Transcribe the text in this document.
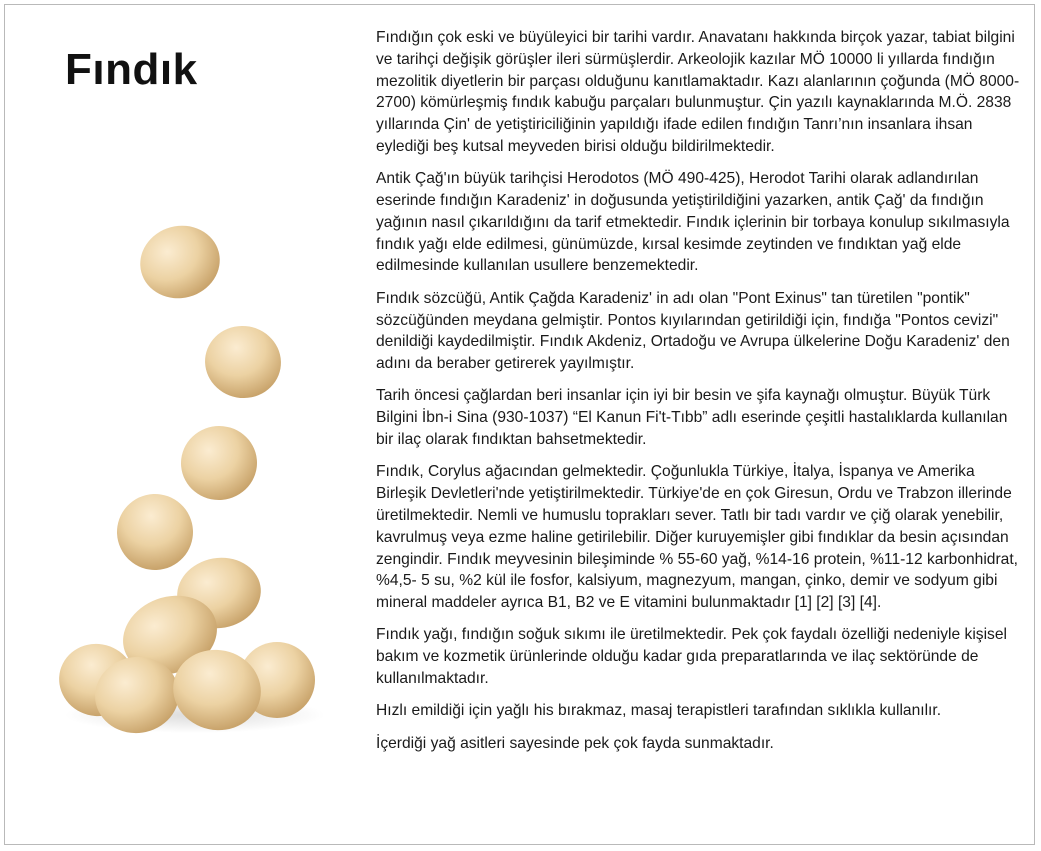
Fındık

Fındığın çok eski ve büyüleyici bir tarihi vardır. Anavatanı hakkında birçok yazar, tabiat bilgini ve tarihçi değişik görüşler ileri sürmüşlerdir. Arkeolojik kazılar MÖ 10000 li yıllarda fındığın mezolitik diyetlerin bir parçası olduğunu kanıtlamaktadır. Kazı alanlarının çoğunda (MÖ 8000-2700) kömürleşmiş fındık kabuğu parçaları bulunmuştur. Çin yazılı kaynaklarında M.Ö. 2838 yıllarında Çin' de yetiştiriciliğinin yapıldığı ifade edilen fındığın Tanrı’nın insanlara ihsan eylediği beş kutsal meyveden birisi olduğu bildirilmektedir.

Antik Çağ'ın büyük tarihçisi Herodotos (MÖ 490-425), Herodot Tarihi olarak adlandırılan eserinde fındığın Karadeniz' in doğusunda yetiştirildiğini yazarken, antik Çağ' da fındığın yağının nasıl çıkarıldığını da tarif etmektedir. Fındık içlerinin bir torbaya konulup sıkılmasıyla fındık yağı elde edilmesi, günümüzde, kırsal kesimde zeytinden ve fındıktan yağ elde edilmesinde kullanılan usullere benzemektedir.

Fındık sözcüğü, Antik Çağda Karadeniz' in adı olan "Pont Exinus" tan türetilen "pontik" sözcüğünden meydana gelmiştir. Pontos kıyılarından getirildiği için, fındığa "Pontos cevizi" denildiği kaydedilmiştir. Fındık Akdeniz, Ortadoğu ve Avrupa ülkelerine Doğu Karadeniz' den adını da beraber getirerek yayılmıştır.

Tarih öncesi çağlardan beri insanlar için iyi bir besin ve şifa kaynağı olmuştur. Büyük Türk Bilgini İbn-i Sina (930-1037) “El Kanun Fi't-Tıbb” adlı eserinde çeşitli hastalıklarda kullanılan bir ilaç olarak fındıktan bahsetmektedir.

Fındık, Corylus ağacından gelmektedir. Çoğunlukla Türkiye, İtalya, İspanya ve Amerika Birleşik Devletleri'nde yetiştirilmektedir. Türkiye'de en çok Giresun, Ordu ve Trabzon illerinde üretilmektedir. Nemli ve humuslu toprakları sever. Tatlı bir tadı vardır ve çiğ olarak yenebilir, kavrulmuş veya ezme haline getirilebilir. Diğer kuruyemişler gibi fındıklar da besin açısından zengindir. Fındık meyvesinin bileşiminde % 55-60 yağ, %14-16 protein, %11-12 karbonhidrat, %4,5- 5 su, %2 kül ile fosfor, kalsiyum, magnezyum, mangan, çinko, demir ve sodyum gibi mineral maddeler ayrıca B1, B2 ve E vitamini bulunmaktadır [1] [2] [3] [4].

Fındık yağı, fındığın soğuk sıkımı ile üretilmektedir. Pek çok faydalı özelliği nedeniyle kişisel bakım ve kozmetik ürünlerinde olduğu kadar gıda preparatlarında ve ilaç sektöründe de kullanılmaktadır.

Hızlı emildiği için yağlı his bırakmaz, masaj terapistleri tarafından sıklıkla kullanılır.

İçerdiği yağ asitleri sayesinde pek çok fayda sunmaktadır.
